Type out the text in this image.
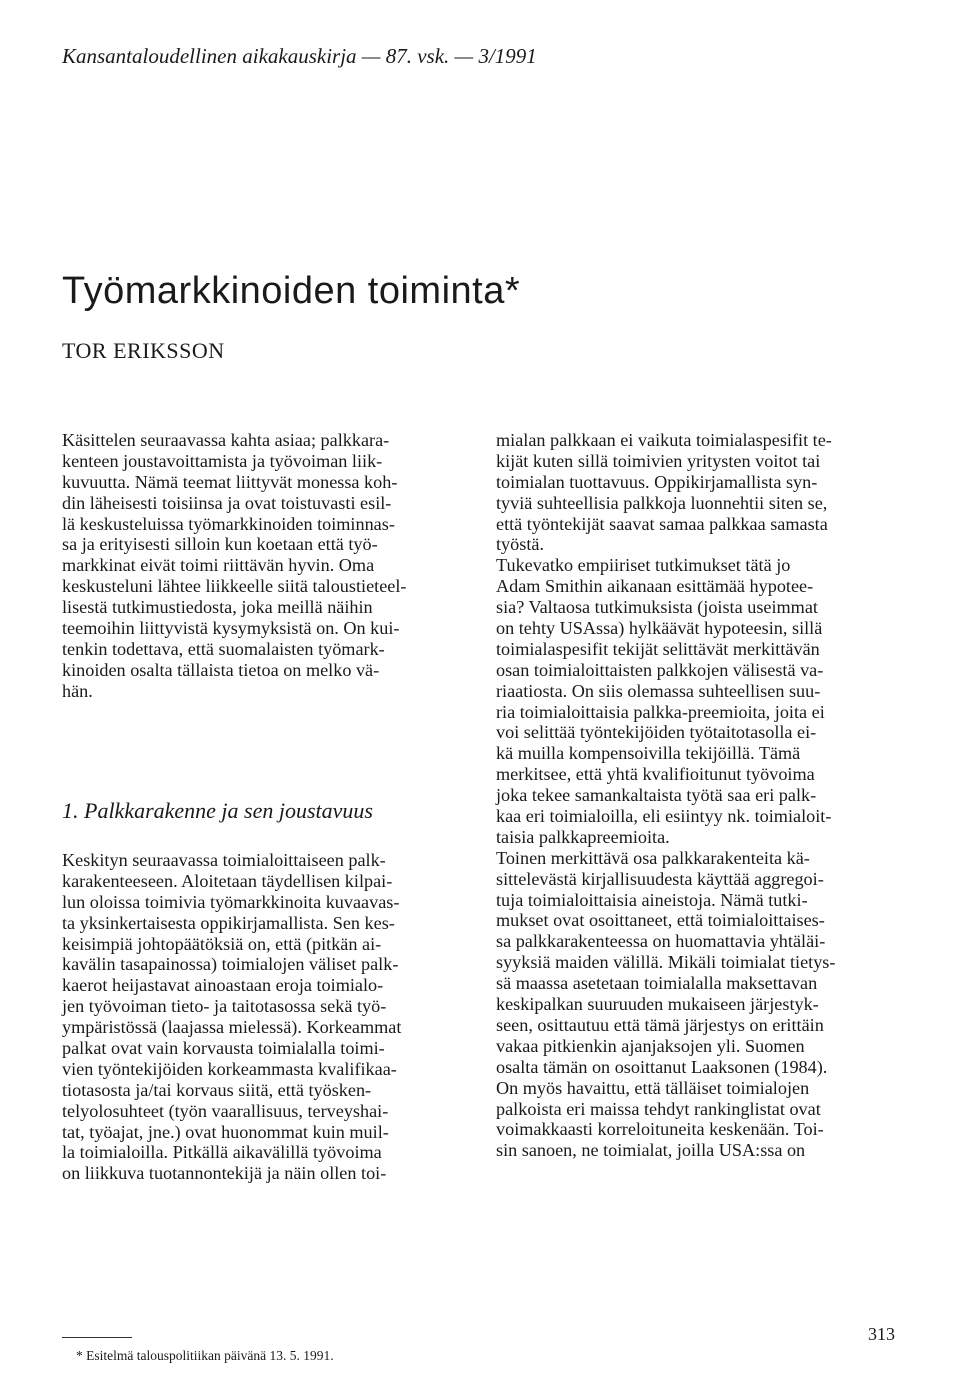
Kansantaloudellinen aikakauskirja — 87. vsk. — 3/1991
Työmarkkinoiden toiminta*
TOR ERIKSSON
Käsittelen seuraavassa kahta asiaa; palkkara-
kenteen joustavoittamista ja työvoiman liik-
kuvuutta. Nämä teemat liittyvät monessa koh-
din läheisesti toisiinsa ja ovat toistuvasti esil-
lä keskusteluissa työmarkkinoiden toiminnas-
sa ja erityisesti silloin kun koetaan että työ-
markkinat eivät toimi riittävän hyvin. Oma
keskusteluni lähtee liikkeelle siitä taloustieteel-
lisestä tutkimustiedosta, joka meillä näihin
teemoihin liittyvistä kysymyksistä on. On kui-
tenkin todettava, että suomalaisten työmark-
kinoiden osalta tällaista tietoa on melko vä-
hän.
1. Palkkarakenne ja sen joustavuus
Keskityn seuraavassa toimialoittaiseen palk-
karakenteeseen. Aloitetaan täydellisen kilpai-
lun oloissa toimivia työmarkkinoita kuvaavas-
ta yksinkertaisesta oppikirjamallista. Sen kes-
keisimpiä johtopäätöksiä on, että (pitkän ai-
kavälin tasapainossa) toimialojen väliset palk-
kaerot heijastavat ainoastaan eroja toimialo-
jen työvoiman tieto- ja taitotasossa sekä työ-
ympäristössä (laajassa mielessä). Korkeammat
palkat ovat vain korvausta toimialalla toimi-
vien työntekijöiden korkeammasta kvalifikaa-
tiotasosta ja/tai korvaus siitä, että työsken-
telyolosuhteet (työn vaarallisuus, terveyshai-
tat, työajat, jne.) ovat huonommat kuin muil-
la toimialoilla. Pitkällä aikavälillä työvoima
on liikkuva tuotannontekijä ja näin ollen toi-
* Esitelmä talouspolitiikan päivänä 13. 5. 1991.
mialan palkkaan ei vaikuta toimialaspesifit te-
kijät kuten sillä toimivien yritysten voitot tai
toimialan tuottavuus. Oppikirjamallista syn-
tyviä suhteellisia palkkoja luonnehtii siten se,
että työntekijät saavat samaa palkkaa samasta
työstä.
Tukevatko empiiriset tutkimukset tätä jo
Adam Smithin aikanaan esittämää hypotee-
sia? Valtaosa tutkimuksista (joista useimmat
on tehty USAssa) hylkäävät hypoteesin, sillä
toimialaspesifit tekijät selittävät merkittävän
osan toimialoittaisten palkkojen välisestä va-
riaatiosta. On siis olemassa suhteellisen suu-
ria toimialoittaisia palkka-preemioita, joita ei
voi selittää työntekijöiden työtaitotasolla ei-
kä muilla kompensoivilla tekijöillä. Tämä
merkitsee, että yhtä kvalifioitunut työvoima
joka tekee samankaltaista työtä saa eri palk-
kaa eri toimialoilla, eli esiintyy nk. toimialoit-
taisia palkkapreemioita.
Toinen merkittävä osa palkkarakenteita kä-
sittelevästä kirjallisuudesta käyttää aggregoi-
tuja toimialoittaisia aineistoja. Nämä tutki-
mukset ovat osoittaneet, että toimialoittaises-
sa palkkarakenteessa on huomattavia yhtäläi-
syyksiä maiden välillä. Mikäli toimialat tietys-
sä maassa asetetaan toimialalla maksettavan
keskipalkan suuruuden mukaiseen järjestyk-
seen, osittautuu että tämä järjestys on erittäin
vakaa pitkienkin ajanjaksojen yli. Suomen
osalta tämän on osoittanut Laaksonen (1984).
On myös havaittu, että tälläiset toimialojen
palkoista eri maissa tehdyt rankinglistat ovat
voimakkaasti korreloituneita keskenään. Toi-
sin sanoen, ne toimialat, joilla USA:ssa on
313
